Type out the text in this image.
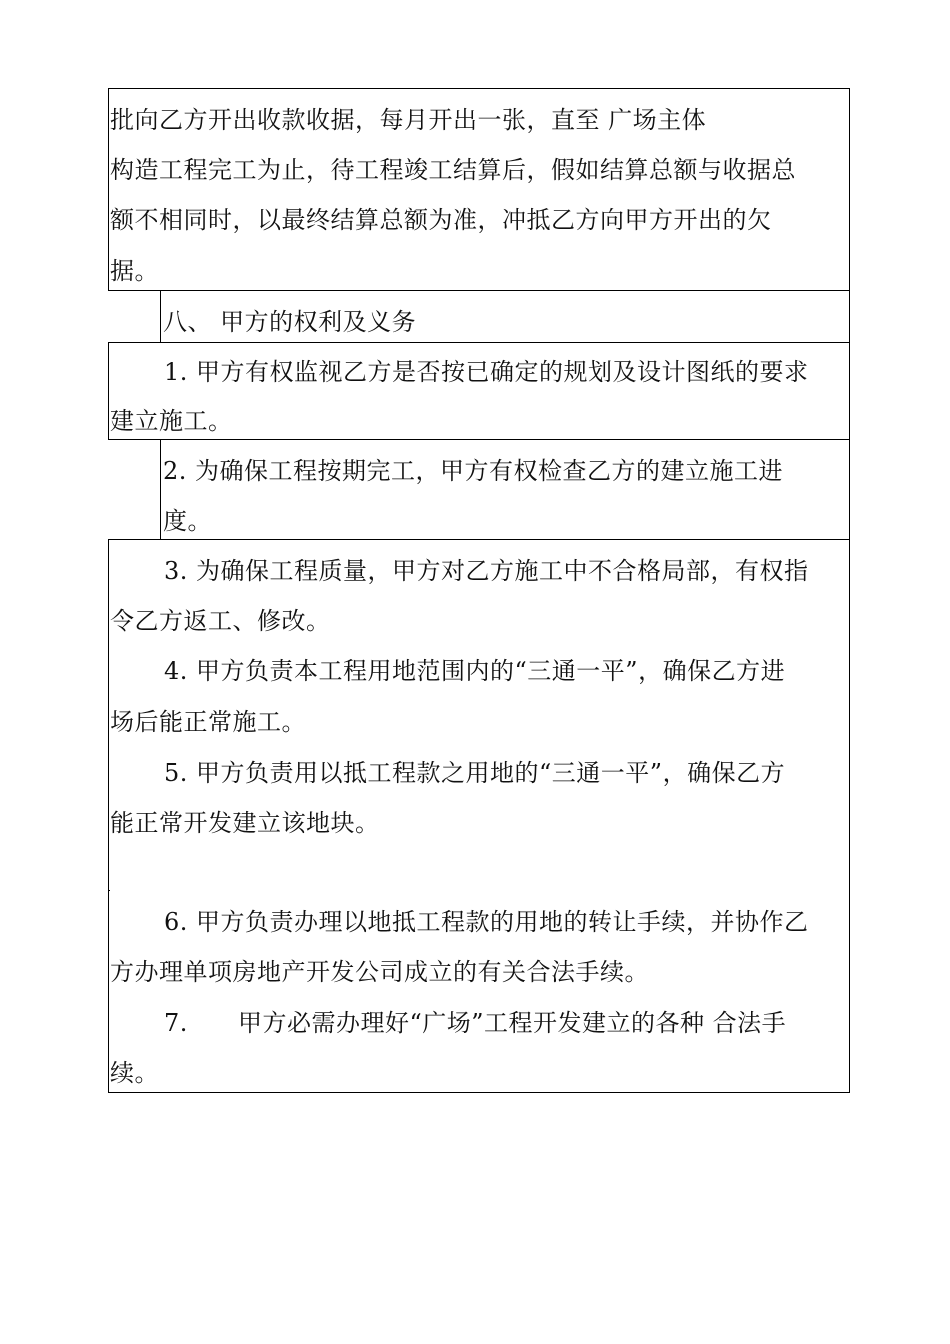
批向乙方开出收款收据，每月开出一张，直至 广场主体
构造工程完工为止，待工程竣工结算后，假如结算总额与收据总
额不相同时，以最终结算总额为准，冲抵乙方向甲方开出的欠
据。
八、 甲方的权利及义务
1. 甲方有权监视乙方是否按已确定的规划及设计图纸的要求
建立施工。
2. 为确保工程按期完工，甲方有权检查乙方的建立施工进
度。
3. 为确保工程质量，甲方对乙方施工中不合格局部，有权指
令乙方返工、修改。
4. 甲方负责本工程用地范围内的“三通一平”，确保乙方进
场后能正常施工。
5. 甲方负责用以抵工程款之用地的“三通一平”，确保乙方
能正常开发建立该地块。
6. 甲方负责办理以地抵工程款的用地的转让手续，并协作乙
方办理单项房地产开发公司成立的有关合法手续。
7. 甲方必需办理好“广场”工程开发建立的各种 合法手
续。
